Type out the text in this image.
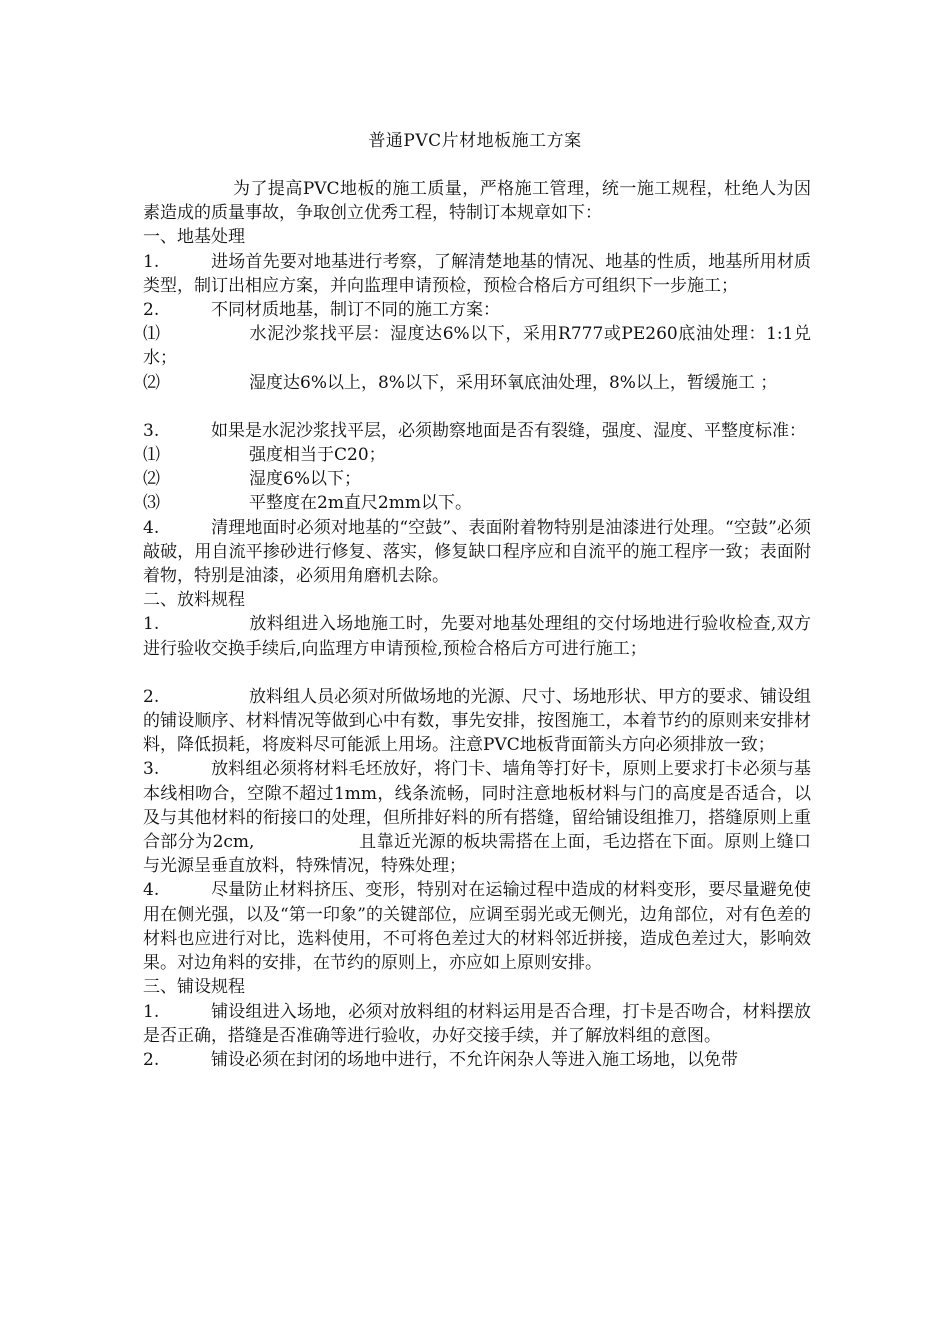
普通PVC片材地板施工方案

为了提高PVC地板的施工质量，严格施工管理，统一施工规程，杜绝人为因素造成的质量事故，争取创立优秀工程，特制订本规章如下：

一、地基处理

1.	进场首先要对地基进行考察，了解清楚地基的情况、地基的性质，地基所用材质类型，制订出相应方案，并向监理申请预检，预检合格后方可组织下一步施工；

2.	不同材质地基，制订不同的施工方案：

⑴	水泥沙浆找平层：湿度达6%以下，采用R777或PE260底油处理：1:1兑水；

⑵	湿度达6%以上，8%以下，采用环氧底油处理，8%以上，暂缓施工 ；

3.	如果是水泥沙浆找平层，必须勘察地面是否有裂缝，强度、湿度、平整度标准：

⑴	强度相当于C20；

⑵	湿度6%以下；

⑶	平整度在2m直尺2mm以下。

4.	清理地面时必须对地基的“空鼓”、表面附着物特别是油漆进行处理。“空鼓”必须敲破，用自流平掺砂进行修复、落实，修复缺口程序应和自流平的施工程序一致；表面附着物，特别是油漆，必须用角磨机去除。

二、放料规程

1.	放料组进入场地施工时，先要对地基处理组的交付场地进行验收检查,双方进行验收交换手续后,向监理方申请预检,预检合格后方可进行施工；

2.	放料组人员必须对所做场地的光源、尺寸、场地形状、甲方的要求、铺设组的铺设顺序、材料情况等做到心中有数，事先安排，按图施工，本着节约的原则来安排材料，降低损耗，将废料尽可能派上用场。注意PVC地板背面箭头方向必须排放一致；

3.	放料组必须将材料毛坯放好，将门卡、墙角等打好卡，原则上要求打卡必须与基本线相吻合，空隙不超过1mm，线条流畅，同时注意地板材料与门的高度是否适合，以及与其他材料的衔接口的处理，但所排好料的所有搭缝，留给铺设组推刀，搭缝原则上重合部分为2cm,　　　　　　且靠近光源的板块需搭在上面，毛边搭在下面。原则上缝口与光源呈垂直放料，特殊情况，特殊处理；

4.	尽量防止材料挤压、变形，特别对在运输过程中造成的材料变形，要尽量避免使用在侧光强，以及“第一印象”的关键部位，应调至弱光或无侧光，边角部位，对有色差的材料也应进行对比，选料使用，不可将色差过大的材料邻近拼接，造成色差过大，影响效果。对边角料的安排，在节约的原则上，亦应如上原则安排。

三、铺设规程

1.	铺设组进入场地，必须对放料组的材料运用是否合理，打卡是否吻合，材料摆放是否正确，搭缝是否准确等进行验收，办好交接手续，并了解放料组的意图。

2.	铺设必须在封闭的场地中进行，不允许闲杂人等进入施工场地，以免带
